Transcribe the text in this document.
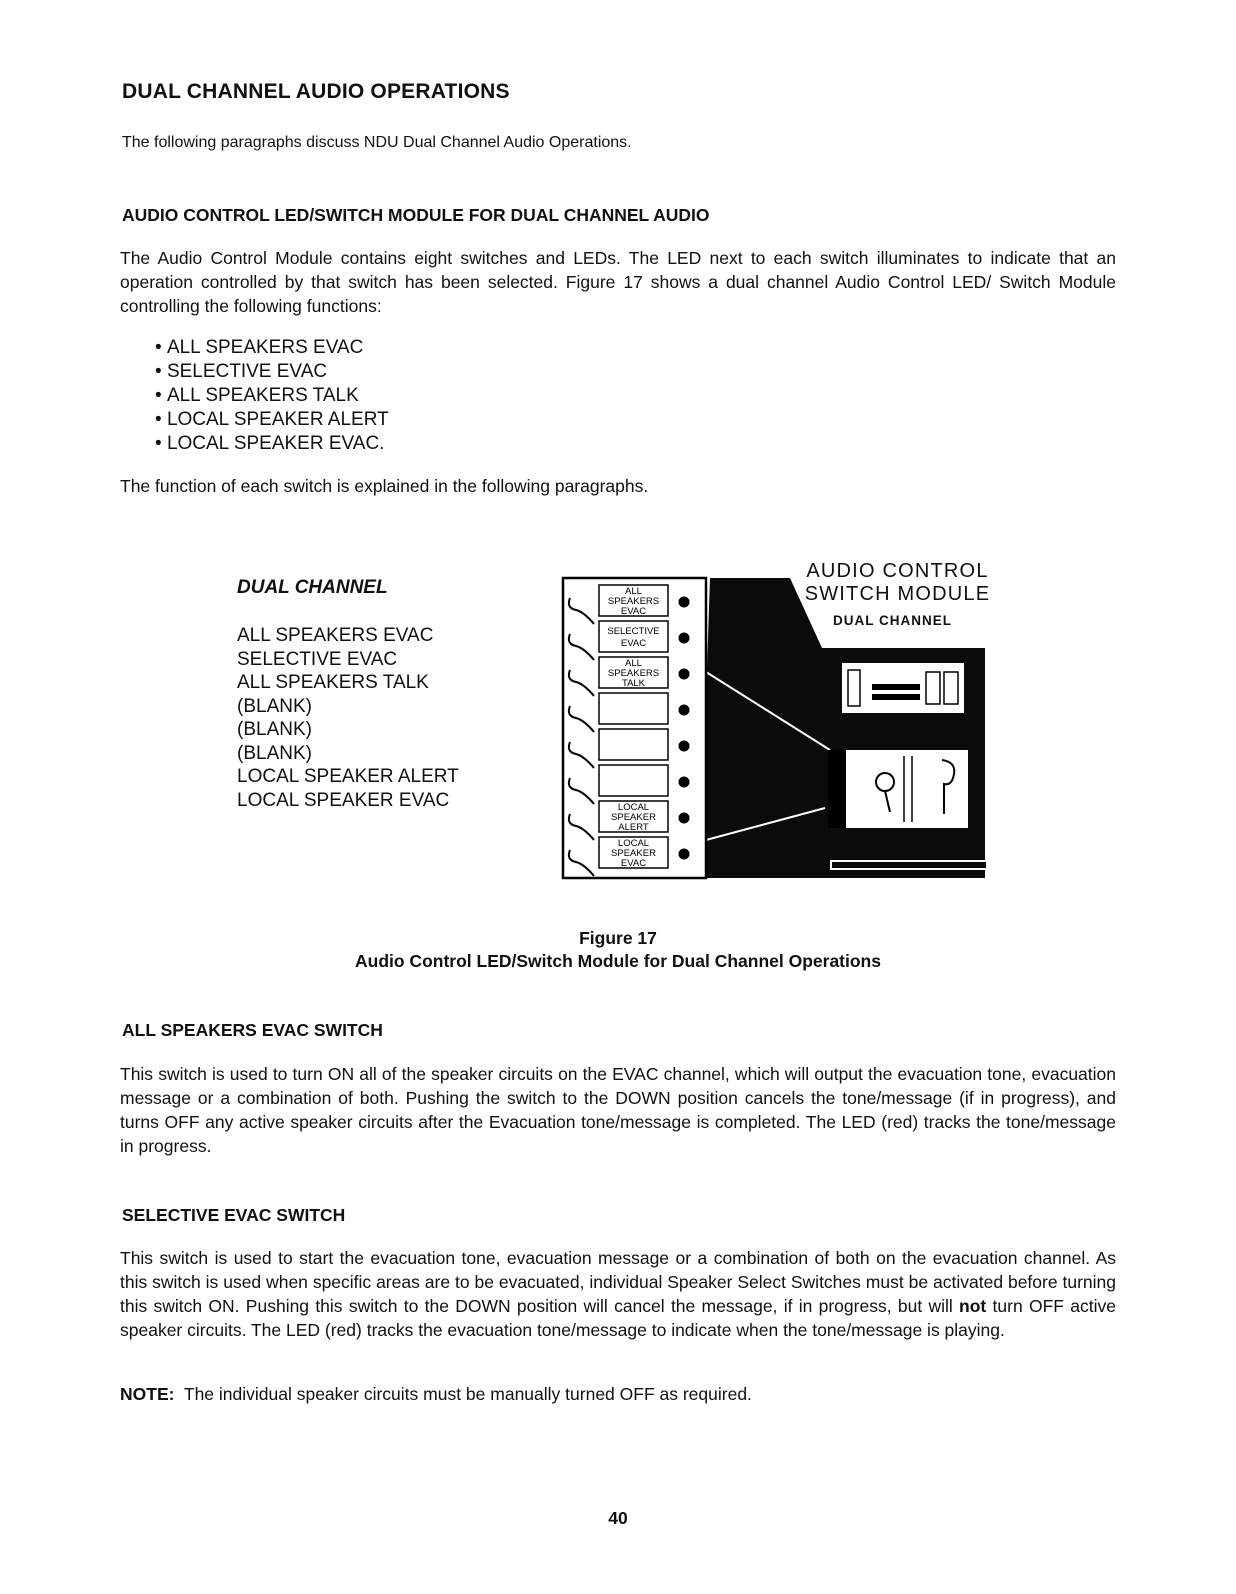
DUAL CHANNEL AUDIO OPERATIONS

The following paragraphs discuss NDU Dual Channel Audio Operations.

AUDIO CONTROL LED/SWITCH MODULE FOR DUAL CHANNEL AUDIO

The Audio Control Module contains eight switches and LEDs. The LED next to each switch illuminates to indicate that an operation controlled by that switch has been selected. Figure 17 shows a dual channel Audio Control LED/ Switch Module controlling the following functions:

• ALL SPEAKERS EVAC
• SELECTIVE EVAC
• ALL SPEAKERS TALK
• LOCAL SPEAKER ALERT
• LOCAL SPEAKER EVAC.

The function of each switch is explained in the following paragraphs.

DUAL CHANNEL

ALL SPEAKERS EVAC
SELECTIVE EVAC
ALL SPEAKERS TALK
(BLANK)
(BLANK)
(BLANK)
LOCAL SPEAKER ALERT
LOCAL SPEAKER EVAC
ALL
SPEAKERS
EVAC
SELECTIVE
EVAC
ALL
SPEAKERS
TALK
LOCAL
SPEAKER
ALERT
LOCAL
SPEAKER
EVAC
AUDIO CONTROL
SWITCH MODULE
DUAL CHANNEL
Figure 17
Audio Control LED/Switch Module for Dual Channel Operations
ALL SPEAKERS EVAC SWITCH

This switch is used to turn ON all of the speaker circuits on the EVAC channel, which will output the evacuation tone, evacuation message or a combination of both. Pushing the switch to the DOWN position cancels the tone/message (if in progress), and turns OFF any active speaker circuits after the Evacuation tone/message is completed. The LED (red) tracks the tone/message in progress.

SELECTIVE EVAC SWITCH

This switch is used to start the evacuation tone, evacuation message or a combination of both on the evacuation channel. As this switch is used when specific areas are to be evacuated, individual Speaker Select Switches must be activated before turning this switch ON. Pushing this switch to the DOWN position will cancel the message, if in progress, but will not turn OFF active speaker circuits. The LED (red) tracks the evacuation tone/message to indicate when the tone/message is playing.

NOTE: The individual speaker circuits must be manually turned OFF as required.

40
